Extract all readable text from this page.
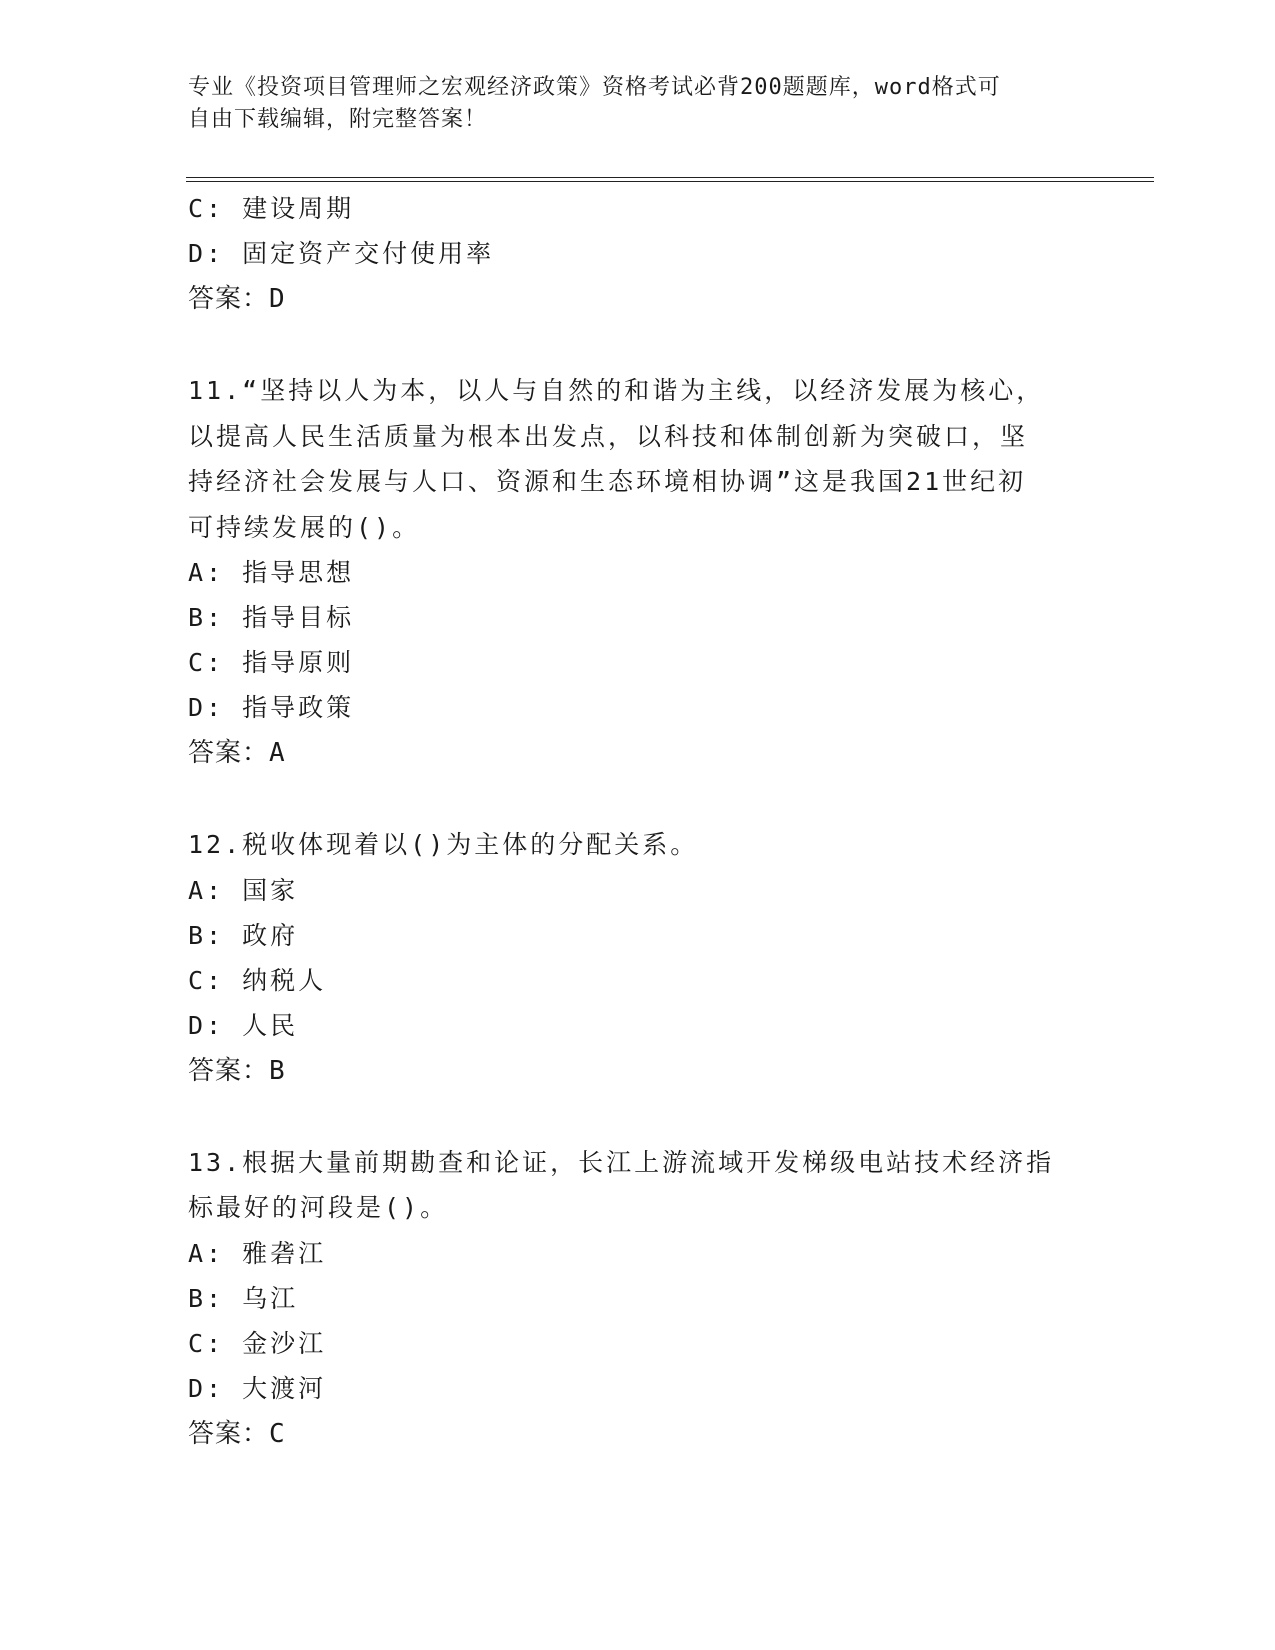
专业《投资项目管理师之宏观经济政策》资格考试必背200题题库，word格式可
自由下载编辑，附完整答案！
C: 建设周期
D: 固定资产交付使用率
答案：D
11.“坚持以人为本，以人与自然的和谐为主线，以经济发展为核心，
以提高人民生活质量为根本出发点，以科技和体制创新为突破口，坚
持经济社会发展与人口、资源和生态环境相协调”这是我国21世纪初
可持续发展的()。
A: 指导思想
B: 指导目标
C: 指导原则
D: 指导政策
答案：A
12.税收体现着以()为主体的分配关系。
A: 国家
B: 政府
C: 纳税人
D: 人民
答案：B
13.根据大量前期勘查和论证，长江上游流域开发梯级电站技术经济指
标最好的河段是()。
A: 雅砻江
B: 乌江
C: 金沙江
D: 大渡河
答案：C
